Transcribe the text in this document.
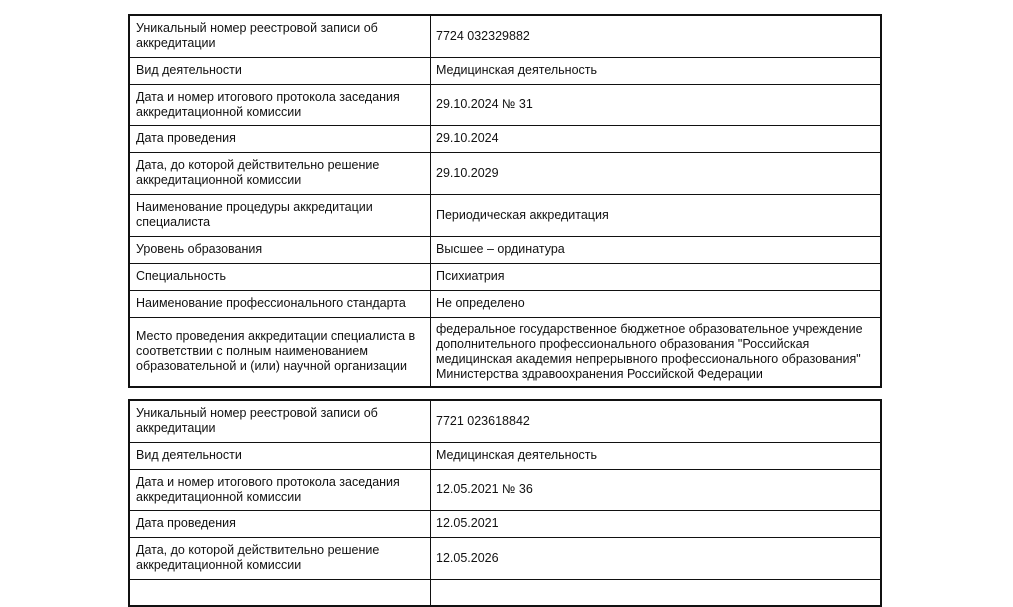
Уникальный номер реестровой записи об аккредитации	7724 032329882
Вид деятельности	Медицинская деятельность
Дата и номер итогового протокола заседания аккредитационной комиссии	29.10.2024 № 31
Дата проведения	29.10.2024
Дата, до которой действительно решение аккредитационной комиссии	29.10.2029
Наименование процедуры аккредитации специалиста	Периодическая аккредитация
Уровень образования	Высшее – ординатура
Специальность	Психиатрия
Наименование профессионального стандарта	Не определено
Место проведения аккредитации специалиста в соответствии с полным наименованием образовательной и (или) научной организации	федеральное государственное бюджетное образовательное учреждение дополнительного профессионального образования "Российская медицинская академия непрерывного профессионального образования" Министерства здравоохранения Российской Федерации
Уникальный номер реестровой записи об аккредитации	7721 023618842
Вид деятельности	Медицинская деятельность
Дата и номер итогового протокола заседания аккредитационной комиссии	12.05.2021 № 36
Дата проведения	12.05.2021
Дата, до которой действительно решение аккредитационной комиссии	12.05.2026
